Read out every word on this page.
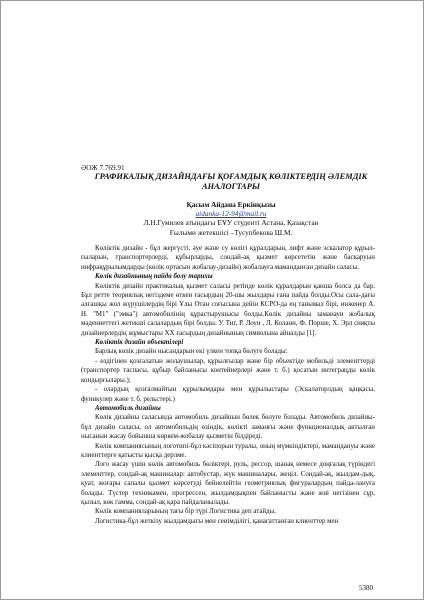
ӘОЖ 7.769.91
ГРАФИКАЛЫҚ ДИЗАЙНДАҒЫ ҚОҒАМДЫҚ КӨЛІКТЕРДІҢ ӘЛЕМДІК АНАЛОГТАРЫ
Қасым Айдана Еркінқызы
aidanka-12-94@mail.ru
Л.Н.Гумилев атындағы ЕҰУ студенті Астана, Қазақстан
Ғылыми жетекшісі –Тусупбекова Ш.М.

Көліктік дизайн - бұл жергүсті, әуе және су көлігі құралдарын, лифт және эскалатор құрыл-ғыларын, транспортерлерді, құбырларды, сондай-ақ қызмет көрсететін және баскаруын инфрақұрылымдарды (көлік ортасын жобалау-дизайн) жобалауға маманданған дизайн саласы.

Көлік дизайнының пайда болу тарихы

Көліктік дизайн практикалық қызмет саласы ретінде көлік құралдарын қанша болса да бар. Бұл ретте теориялық негіздеме өткен ғасырдың 20-шы жылдары ғана пайда болды.Осы сала-дағы алғашқы жол жүрушілердің бірі Ұлы Отан соғысына дейін КСРО-да ең танымал бірі, инженер А. Н. "М1" ("эмка") автомобилінің құрастырушысы болды.Көлік дизайны заманауи жобалық мәдениеттегі жетекші салалардың бірі болды. У. Тиг, Р. Лоуи , Л. Колани, Ф. Порше, Х. Эрл сияқты дизайнерлердің жұмыстары XX ғасырдың дизайнының символына айналды [1].

Көліктік дизайн объектілері

Барлық көлік дизайн нысандарын екі үлкен топқа бөлуге болады:

- өздігінен қозғалатын жолаушылар, құрылғылар және бір объектіде мобильді элементтерді (транспортер таспасы, құбыр байланысы контейнерлері және т. б.) қосатын интеграцды көлік кондырғылары.);

- олардың қозғалмайтын құрылымдары мен құрылыстары (Эскалаторлдың қаңқасы, фуникулер және т. б. рельстері.)

Автомобиль дизайны

Көлік дизайны саласында автомобиль дизайнын бөлек бөлуге болады. Автомобиль дизайны-бұл дизайн саласы, ол автомобильдің өзіндік, көлікті заманғы және функционалдық актылған нысанын жасау бойынша көркем-жобалау қызметін білдіреді.

Көлік компаниясының логотипі-бұл кәсіпорын туралы, оның мүмкіндіктері, мамандануы және клиенттерге қатысты қысқа дерлме.

Лого жасау үшін көлік автомобиль бөліктері, руль, рессор, шанақ немесе доңғалақ түріндегі элементтер, сондай-ақ машиналар: автобустар, жүк машиналары, жеңіл. Сондай-ақ, жылдам-дық, қуат, жоғары сапалы қызмет көрсетуді бейнелейтін геометриялық фигуралардың пайда-лануға болады. Түстер техникамен, прогрессен, жылдамдықпен байланысты және жиі негізінен сұр, қызыл, көк гамма, сондай-ақ қара пайдаланылады.

Көлік компанияларының тағы бір түрі Логистика деп атайды.

Логистика-бұл жеткізу жылдамдығы мен сенімділігі, қанағаттанған клиенттер мен

5380
